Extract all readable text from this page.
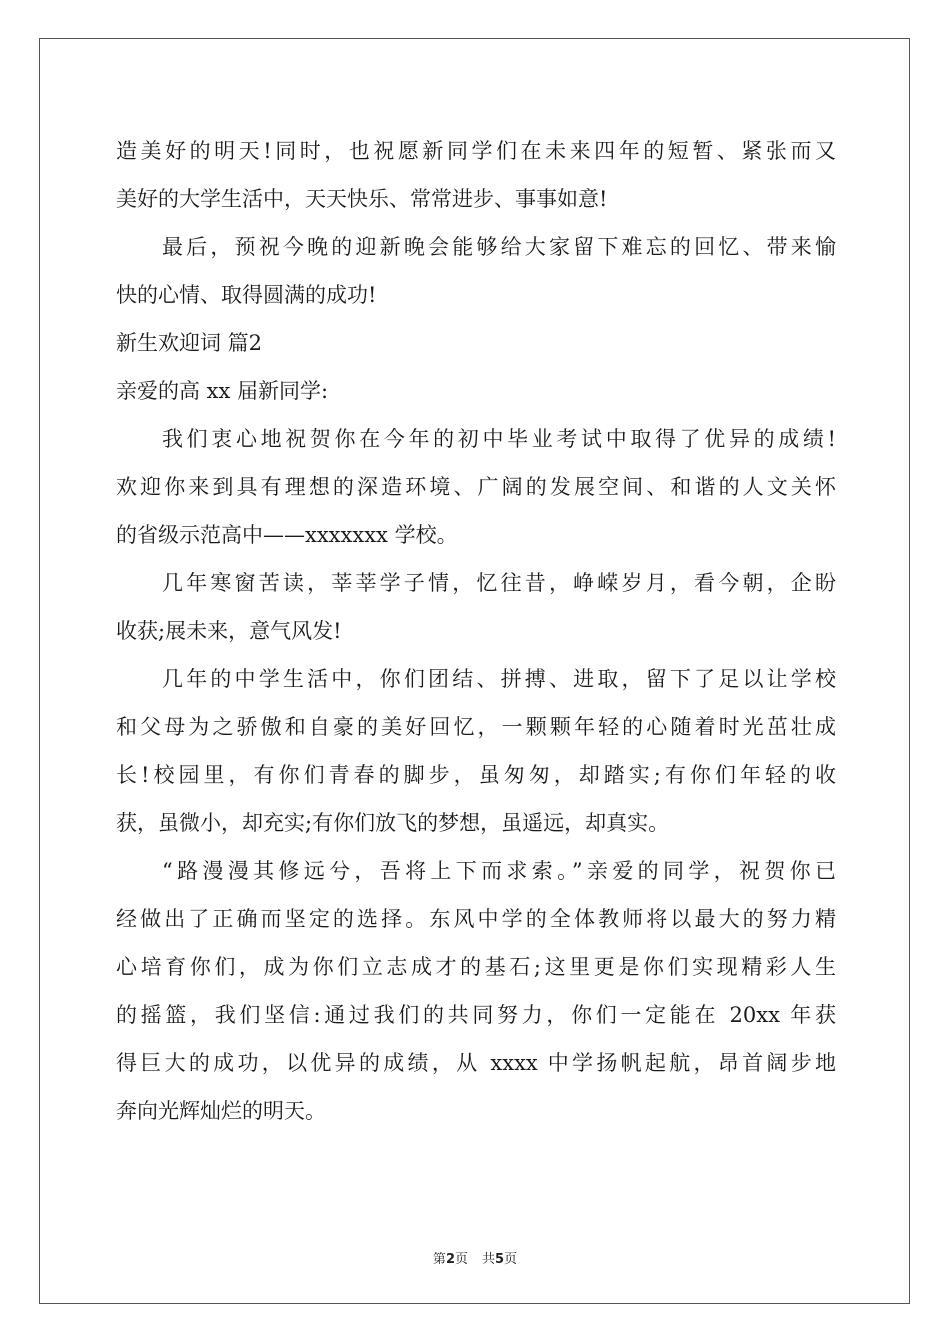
造美好的明天!同时，也祝愿新同学们在未来四年的短暂、紧张而又
美好的大学生活中，天天快乐、常常进步、事事如意!
最后，预祝今晚的迎新晚会能够给大家留下难忘的回忆、带来愉
快的心情、取得圆满的成功!
新生欢迎词 篇2
亲爱的高 xx 届新同学:
我们衷心地祝贺你在今年的初中毕业考试中取得了优异的成绩!
欢迎你来到具有理想的深造环境、广阔的发展空间、和谐的人文关怀
的省级示范高中——xxxxxxx 学校。
几年寒窗苦读，莘莘学子情，忆往昔，峥嵘岁月，看今朝，企盼
收获;展未来，意气风发!
几年的中学生活中，你们团结、拼搏、进取，留下了足以让学校
和父母为之骄傲和自豪的美好回忆，一颗颗年轻的心随着时光茁壮成
长!校园里，有你们青春的脚步，虽匆匆，却踏实;有你们年轻的收
获，虽微小，却充实;有你们放飞的梦想，虽遥远，却真实。
“路漫漫其修远兮，吾将上下而求索。”亲爱的同学，祝贺你已
经做出了正确而坚定的选择。东风中学的全体教师将以最大的努力精
心培育你们，成为你们立志成才的基石;这里更是你们实现精彩人生
的摇篮，我们坚信:通过我们的共同努力，你们一定能在 20xx 年获
得巨大的成功，以优异的成绩，从 xxxx 中学扬帆起航，昂首阔步地
奔向光辉灿烂的明天。
第2页 共5页
